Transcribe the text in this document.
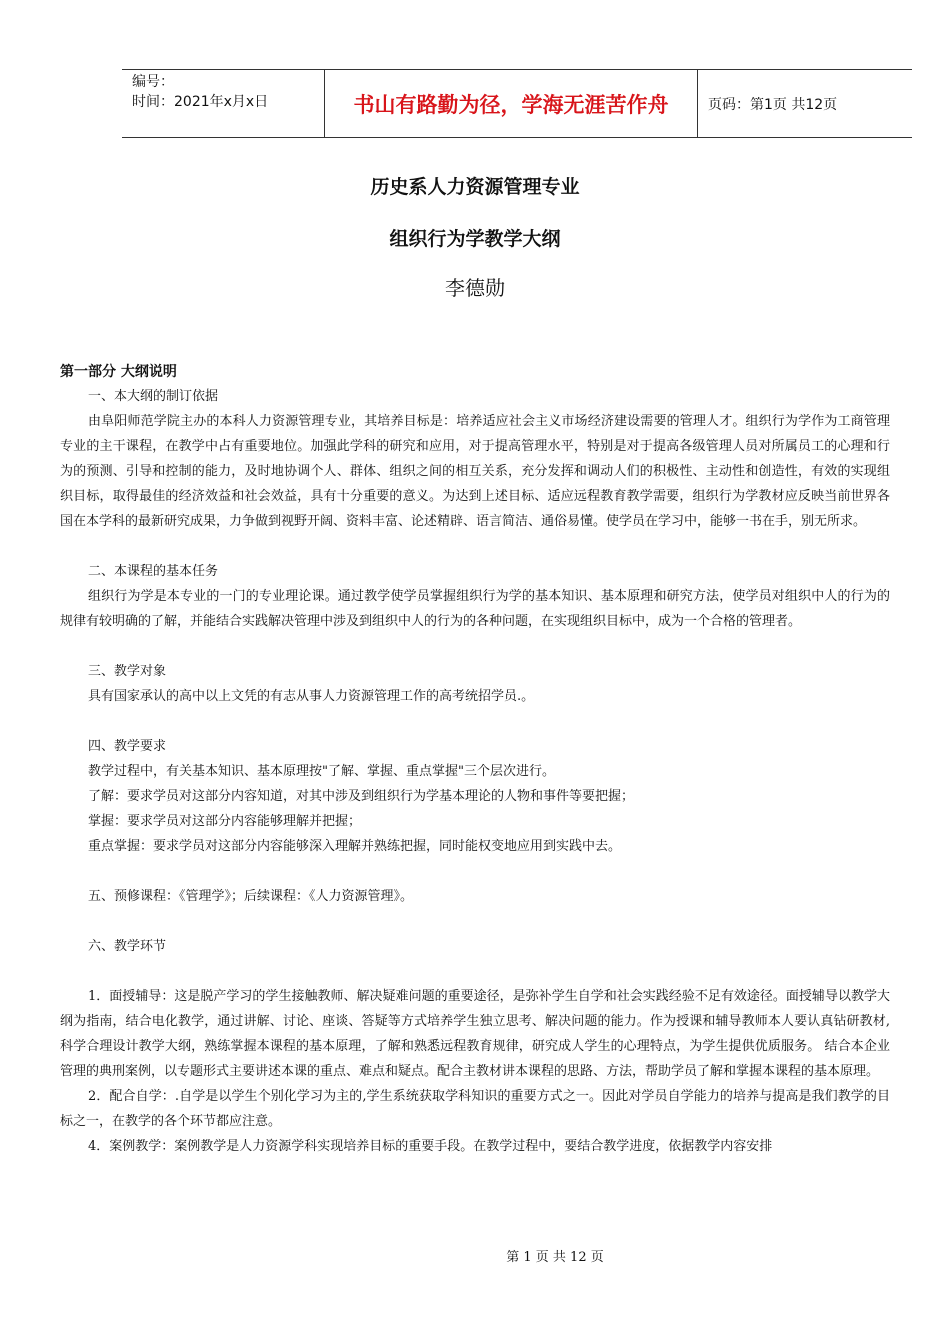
编号：
时间：2021年x月x日	书山有路勤为径，学海无涯苦作舟	页码：第1页 共12页
历史系人力资源管理专业
组织行为学教学大纲
李德勋

第一部分 大纲说明

一、本大纲的制订依据

由阜阳师范学院主办的本科人力资源管理专业，其培养目标是：培养适应社会主义市场经济建设需要的管理人才。组织行为学作为工商管理专业的主干课程，在教学中占有重要地位。加强此学科的研究和应用，对于提高管理水平，特别是对于提高各级管理人员对所属员工的心理和行为的预测、引导和控制的能力，及时地协调个人、群体、组织之间的相互关系，充分发挥和调动人们的积极性、主动性和创造性，有效的实现组织目标，取得最佳的经济效益和社会效益，具有十分重要的意义。为达到上述目标、适应远程教育教学需要，组织行为学教材应反映当前世界各国在本学科的最新研究成果，力争做到视野开阔、资料丰富、论述精辟、语言简洁、通俗易懂。使学员在学习中，能够一书在手，别无所求。

二、本课程的基本任务

组织行为学是本专业的一门的专业理论课。通过教学使学员掌握组织行为学的基本知识、基本原理和研究方法，使学员对组织中人的行为的规律有较明确的了解，并能结合实践解决管理中涉及到组织中人的行为的各种问题，在实现组织目标中，成为一个合格的管理者。

三、教学对象

具有国家承认的高中以上文凭的有志从事人力资源管理工作的高考统招学员.。

四、教学要求

教学过程中，有关基本知识、基本原理按"了解、掌握、重点掌握"三个层次进行。

了解：要求学员对这部分内容知道，对其中涉及到组织行为学基本理论的人物和事件等要把握；

掌握：要求学员对这部分内容能够理解并把握；

重点掌握：要求学员对这部分内容能够深入理解并熟练把握，同时能权变地应用到实践中去。

五、预修课程：《管理学》；后续课程：《人力资源管理》。

六、教学环节

1．面授辅导：这是脱产学习的学生接触教师、解决疑难问题的重要途径，是弥补学生自学和社会实践经验不足有效途径。面授辅导以教学大纲为指南，结合电化教学，通过讲解、讨论、座谈、答疑等方式培养学生独立思考、解决问题的能力。作为授课和辅导教师本人要认真钻研教材,科学合理设计教学大纲，熟练掌握本课程的基本原理，了解和熟悉远程教育规律，研究成人学生的心理特点，为学生提供优质服务。 结合本企业管理的典刑案例，以专题形式主要讲述本课的重点、难点和疑点。配合主教材讲本课程的思路、方法，帮助学员了解和掌握本课程的基本原理。

2．配合自学：.自学是以学生个别化学习为主的,学生系统获取学科知识的重要方式之一。因此对学员自学能力的培养与提高是我们教学的目标之一，在教学的各个环节都应注意。

4．案例教学：案例教学是人力资源学科实现培养目标的重要手段。在教学过程中，要结合教学进度，依据教学内容安排

第 1 页 共 12 页
